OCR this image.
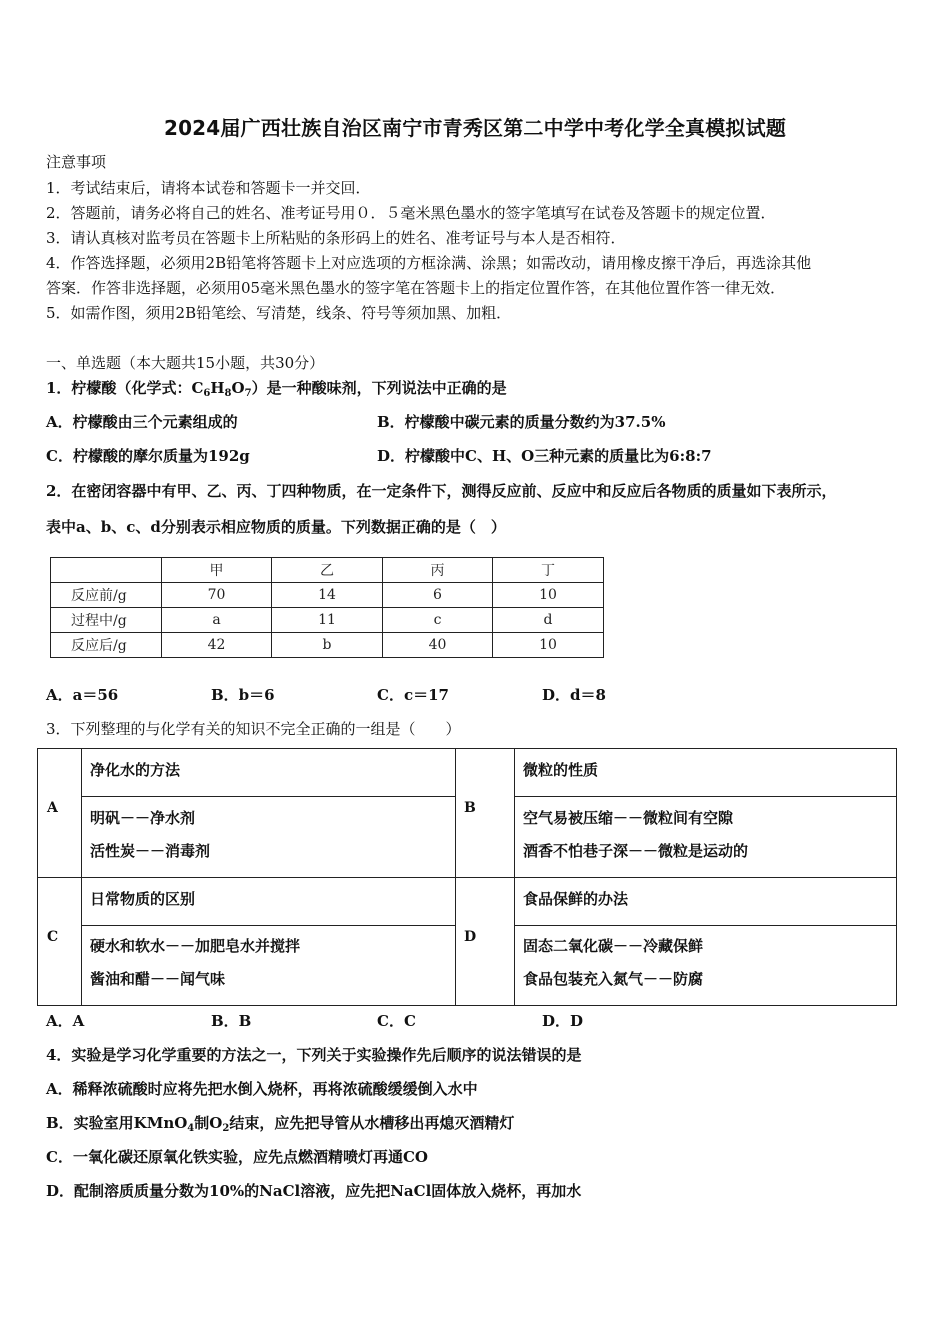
2024届广西壮族自治区南宁市青秀区第二中学中考化学全真模拟试题
注意事项
1．考试结束后，请将本试卷和答题卡一并交回．
2．答题前，请务必将自己的姓名、准考证号用０．５毫米黑色墨水的签字笔填写在试卷及答题卡的规定位置．
3．请认真核对监考员在答题卡上所粘贴的条形码上的姓名、准考证号与本人是否相符．
4．作答选择题，必须用2B铅笔将答题卡上对应选项的方框涂满、涂黑；如需改动，请用橡皮擦干净后，再选涂其他
答案．作答非选择题，必须用05毫米黑色墨水的签字笔在答题卡上的指定位置作答，在其他位置作答一律无效．
5．如需作图，须用2B铅笔绘、写清楚，线条、符号等须加黑、加粗．
一、单选题（本大题共15小题，共30分）
1．柠檬酸（化学式：$C_6H_8O_7$）是一种酸味剂，下列说法中正确的是
A．柠檬酸由三个元素组成的	B．柠檬酸中碳元素的质量分数约为37.5%
C．柠檬酸的摩尔质量为192g	D．柠檬酸中C、H、O三种元素的质量比为6:8:7
2．在密闭容器中有甲、乙、丙、丁四种物质，在一定条件下，测得反应前、反应中和反应后各物质的质量如下表所示，
表中a、b、c、d分别表示相应物质的质量。下列数据正确的是（　）
	甲	乙	丙	丁
反应前/g	70	14	6	10
过程中/g	a	11	c	d
反应后/g	42	b	40	10
A．a＝56	B．b＝6	C．c＝17	D．d＝8
3．下列整理的与化学有关的知识不完全正确的一组是（　　）
A
净化水的方法
明矾－－净水剂
活性炭－－消毒剂
B
微粒的性质
空气易被压缩－－微粒间有空隙
酒香不怕巷子深－－微粒是运动的
C
日常物质的区别
硬水和软水－－加肥皂水并搅拌
酱油和醋－－闻气味
D
食品保鲜的办法
固态二氧化碳－－冷藏保鲜
食品包装充入氮气－－防腐
A．A	B．B	C．C	D．D
4．实验是学习化学重要的方法之一，下列关于实验操作先后顺序的说法错误的是
A．稀释浓硫酸时应将先把水倒入烧杯，再将浓硫酸缓缓倒入水中
B．实验室用KMnO$_4$制$O_2$结束，应先把导管从水槽移出再熄灭酒精灯
C．一氧化碳还原氧化铁实验，应先点燃酒精喷灯再通CO
D．配制溶质质量分数为10%的NaCl溶液，应先把NaCl固体放入烧杯，再加水
